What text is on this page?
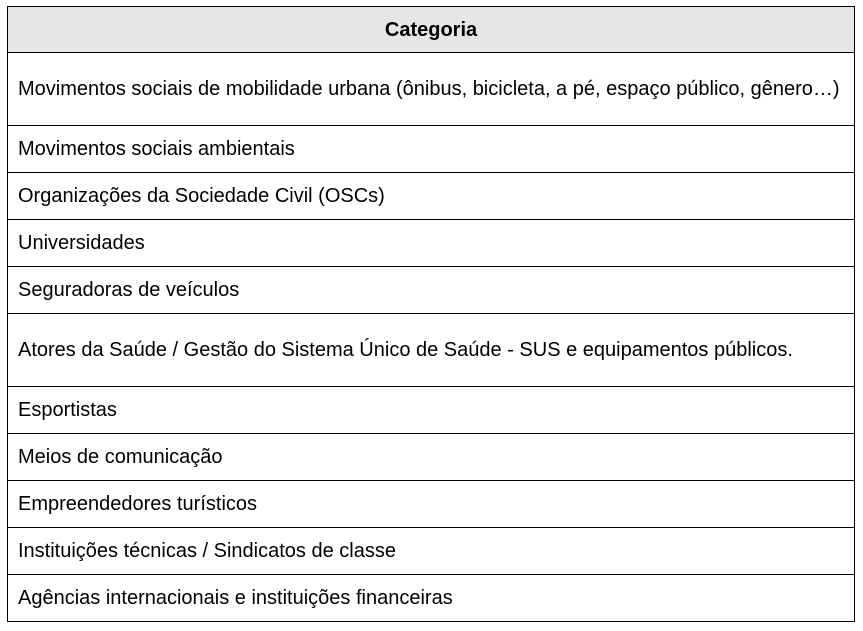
Categoria
Movimentos sociais de mobilidade urbana (ônibus, bicicleta, a pé, espaço público, gênero…)
Movimentos sociais ambientais
Organizações da Sociedade Civil (OSCs)
Universidades
Seguradoras de veículos
Atores da Saúde / Gestão do Sistema Único de Saúde - SUS e equipamentos públicos.
Esportistas
Meios de comunicação
Empreendedores turísticos
Instituições técnicas / Sindicatos de classe
Agências internacionais e instituições financeiras
